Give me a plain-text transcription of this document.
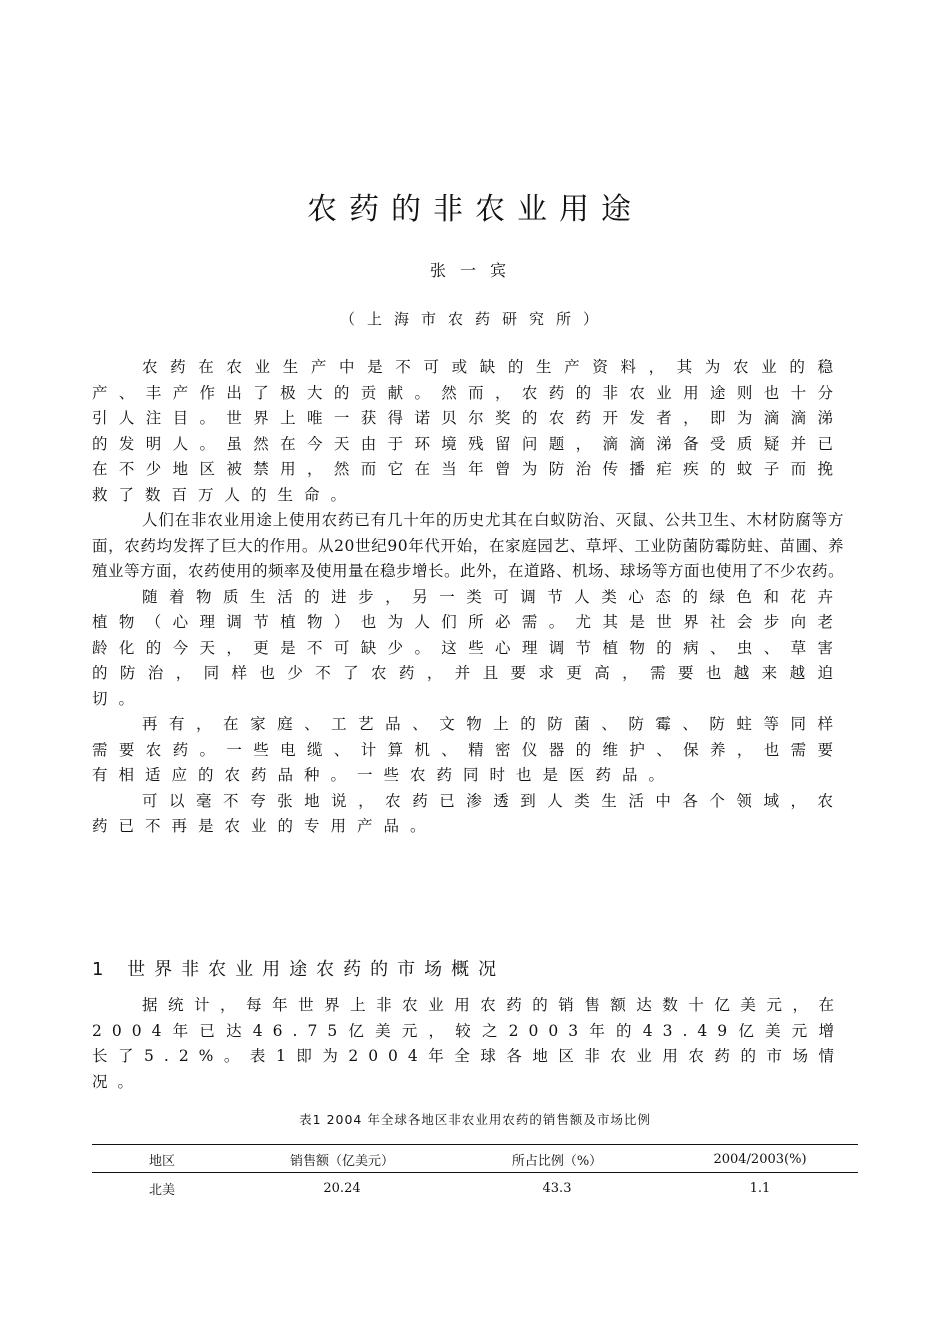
农药的非农业用途
张一宾
（上海市农药研究所）

农药在农业生产中是不可或缺的生产资料，其为农业的稳产、丰产作出了极大的贡献。然而，农药的非农业用途则也十分引人注目。世界上唯一获得诺贝尔奖的农药开发者，即为滴滴涕的发明人。虽然在今天由于环境残留问题，滴滴涕备受质疑并已在不少地区被禁用，然而它在当年曾为防治传播疟疾的蚊子而挽救了数百万人的生命。

人们在非农业用途上使用农药已有几十年的历史尤其在白蚁防治、灭鼠、公共卫生、木材防腐等方面，农药均发挥了巨大的作用。从20世纪90年代开始，在家庭园艺、草坪、工业防菌防霉防蛀、苗圃、养殖业等方面，农药使用的频率及使用量在稳步增长。此外，在道路、机场、球场等方面也使用了不少农药。

随着物质生活的进步，另一类可调节人类心态的绿色和花卉植物（心理调节植物）也为人们所必需。尤其是世界社会步向老龄化的今天，更是不可缺少。这些心理调节植物的病、虫、草害的防治，同样也少不了农药，并且要求更高，需要也越来越迫切。

再有，在家庭、工艺品、文物上的防菌、防霉、防蛀等同样需要农药。一些电缆、计算机、精密仪器的维护、保养，也需要有相适应的农药品种。一些农药同时也是医药品。

可以毫不夸张地说，农药已渗透到人类生活中各个领域，农药已不再是农业的专用产品。

1 世界非农业用途农药的市场概况

据统计，每年世界上非农业用农药的销售额达数十亿美元，在2004年已达46.75亿美元，较之2003年的43.49亿美元增长了5.2%。表1即为2004年全球各地区非农业用农药的市场情况。

表1 2004 年全球各地区非农业用农药的销售额及市场比例
地区	销售额（亿美元）	所占比例（%）	2004/2003(%)
北美	20.24	43.3	1.1
